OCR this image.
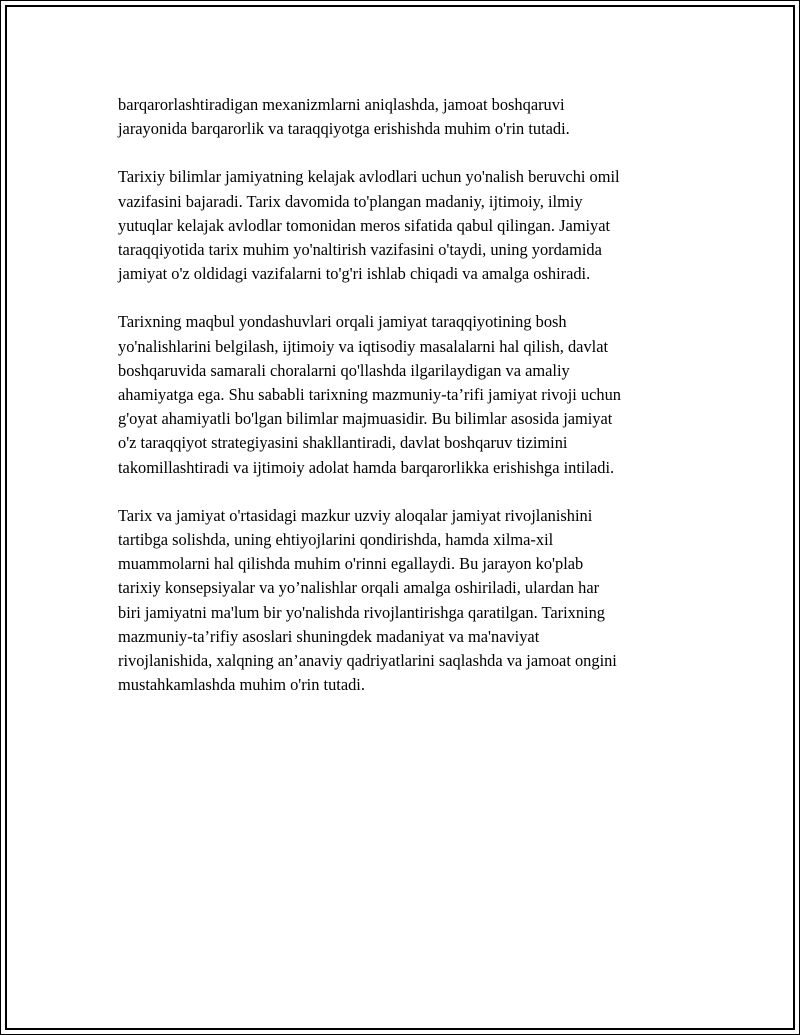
barqarorlashtiradigan mexanizmlarni aniqlashda, jamoat boshqaruvi
jarayonida barqarorlik va taraqqiyotga erishishda muhim o'rin tutadi.

Tarixiy bilimlar jamiyatning kelajak avlodlari uchun yo'nalish beruvchi omil
vazifasini bajaradi. Tarix davomida to'plangan madaniy, ijtimoiy, ilmiy
yutuqlar kelajak avlodlar tomonidan meros sifatida qabul qilingan. Jamiyat
taraqqiyotida tarix muhim yo'naltirish vazifasini o'taydi, uning yordamida
jamiyat o'z oldidagi vazifalarni to'g'ri ishlab chiqadi va amalga oshiradi.

Tarixning maqbul yondashuvlari orqali jamiyat taraqqiyotining bosh
yo'nalishlarini belgilash, ijtimoiy va iqtisodiy masalalarni hal qilish, davlat
boshqaruvida samarali choralarni qo'llashda ilgarilaydigan va amaliy
ahamiyatga ega. Shu sababli tarixning mazmuniy-ta’rifi jamiyat rivoji uchun
g'oyat ahamiyatli bo'lgan bilimlar majmuasidir. Bu bilimlar asosida jamiyat
o'z taraqqiyot strategiyasini shakllantiradi, davlat boshqaruv tizimini
takomillashtiradi va ijtimoiy adolat hamda barqarorlikka erishishga intiladi.

Tarix va jamiyat o'rtasidagi mazkur uzviy aloqalar jamiyat rivojlanishini
tartibga solishda, uning ehtiyojlarini qondirishda, hamda xilma-xil
muammolarni hal qilishda muhim o'rinni egallaydi. Bu jarayon ko'plab
tarixiy konsepsiyalar va yo’nalishlar orqali amalga oshiriladi, ulardan har
biri jamiyatni ma'lum bir yo'nalishda rivojlantirishga qaratilgan. Tarixning
mazmuniy-ta’rifiy asoslari shuningdek madaniyat va ma'naviyat
rivojlanishida, xalqning an’anaviy qadriyatlarini saqlashda va jamoat ongini
mustahkamlashda muhim o'rin tutadi.
